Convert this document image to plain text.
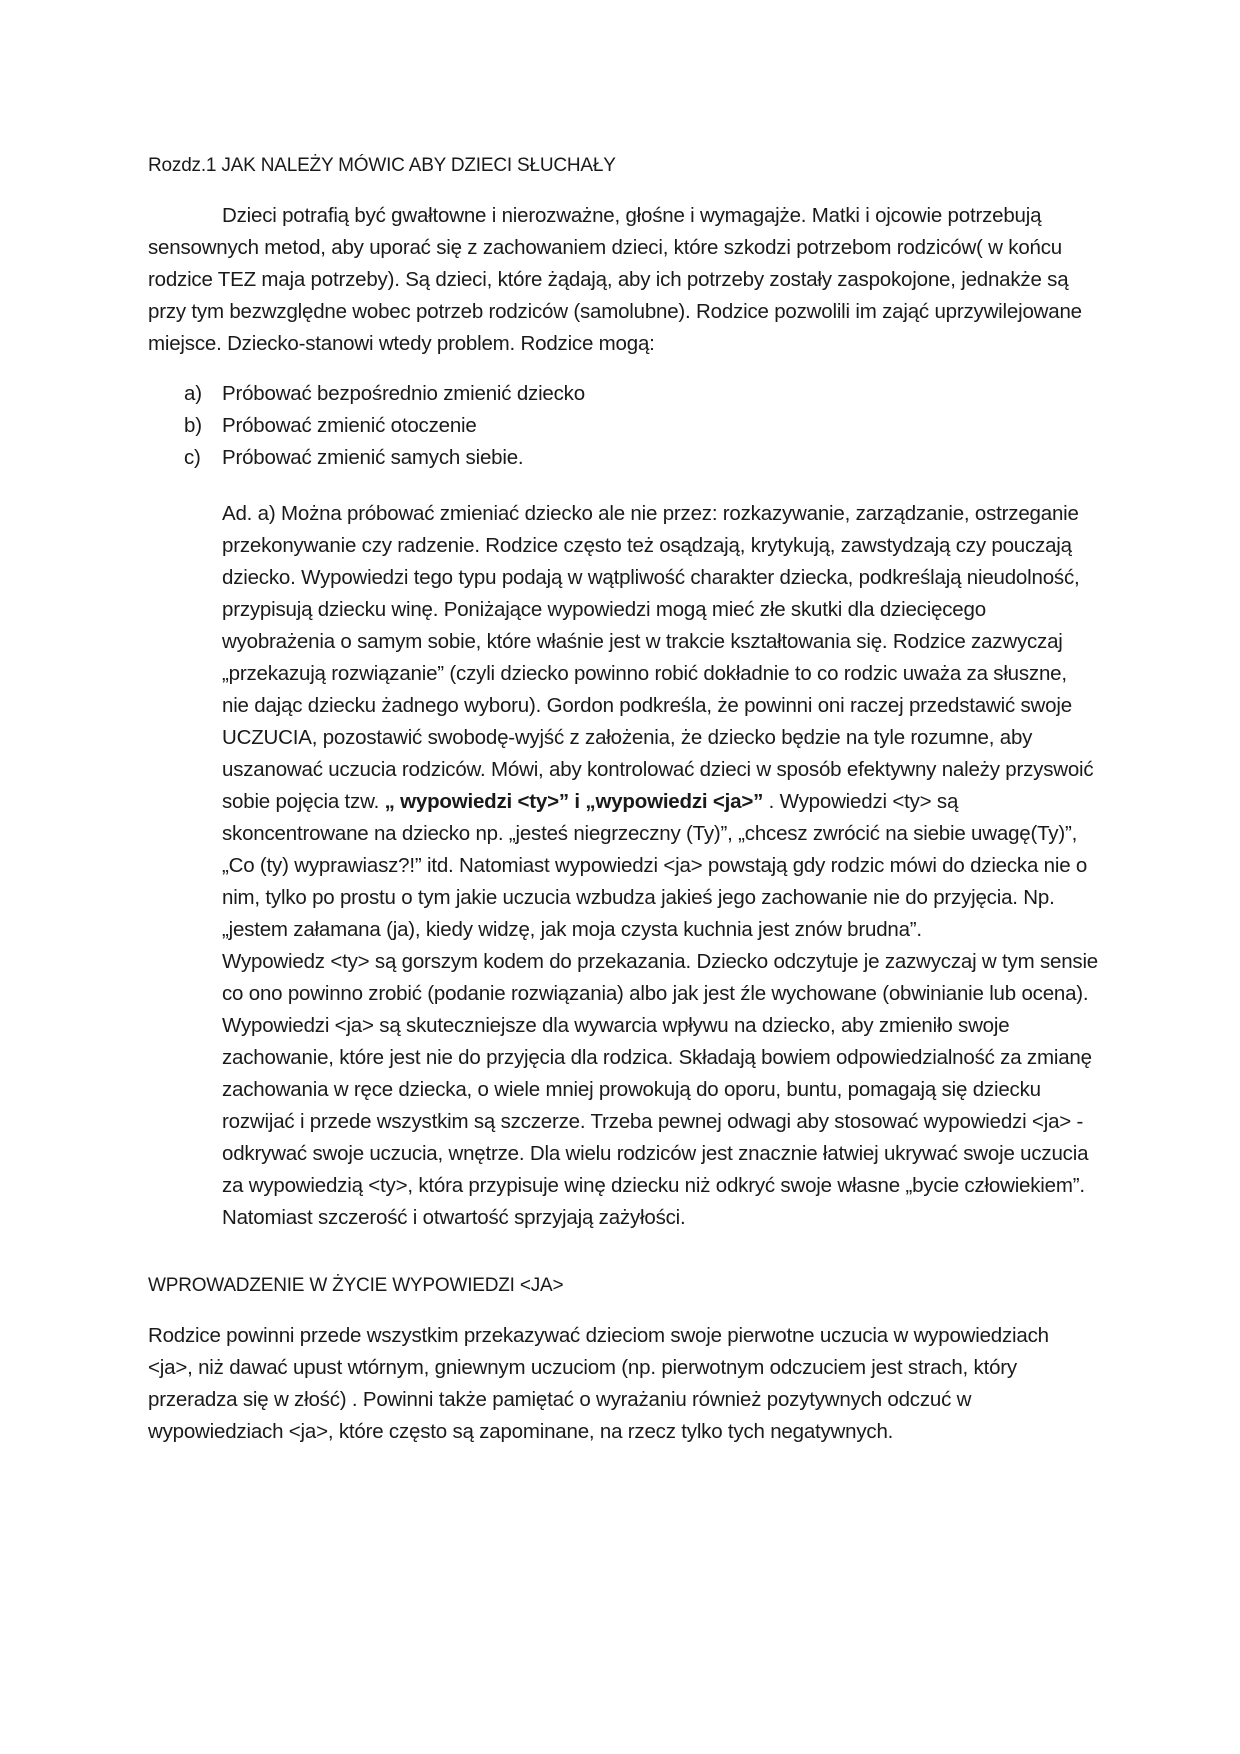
Rozdz.1 JAK NALEŻY MÓWIC ABY DZIECI SŁUCHAŁY

Dzieci potrafią być gwałtowne i nierozważne, głośne i wymagajże. Matki i ojcowie potrzebują sensownych metod, aby uporać się z zachowaniem dzieci, które szkodzi potrzebom rodziców( w końcu rodzice TEZ maja potrzeby). Są dzieci, które żądają, aby ich potrzeby zostały zaspokojone, jednakże są przy tym bezwzględne wobec potrzeb rodziców (samolubne). Rodzice pozwolili im zająć uprzywilejowane miejsce. Dziecko-stanowi wtedy problem. Rodzice mogą:

a) Próbować bezpośrednio zmienić dziecko
b) Próbować zmienić otoczenie
c) Próbować zmienić samych siebie.

Ad. a) Można próbować zmieniać dziecko ale nie przez: rozkazywanie, zarządzanie, ostrzeganie przekonywanie czy radzenie. Rodzice często też osądzają, krytykują, zawstydzają czy pouczają dziecko. Wypowiedzi tego typu podają w wątpliwość charakter dziecka, podkreślają nieudolność, przypisują dziecku winę. Poniżające wypowiedzi mogą mieć złe skutki dla dziecięcego wyobrażenia o samym sobie, które właśnie jest w trakcie kształtowania się. Rodzice zazwyczaj „przekazują rozwiązanie” (czyli dziecko powinno robić dokładnie to co rodzic uważa za słuszne, nie dając dziecku żadnego wyboru). Gordon podkreśla, że powinni oni raczej przedstawić swoje UCZUCIA, pozostawić swobodę-wyjść z założenia, że dziecko będzie na tyle rozumne, aby uszanować uczucia rodziców. Mówi, aby kontrolować dzieci w sposób efektywny należy przyswoić sobie pojęcia tzw. „ wypowiedzi <ty>” i „wypowiedzi <ja>” . Wypowiedzi <ty> są skoncentrowane na dziecko np. „jesteś niegrzeczny (Ty)”, „chcesz zwrócić na siebie uwagę(Ty)”, „Co (ty) wyprawiasz?!” itd. Natomiast wypowiedzi <ja> powstają gdy rodzic mówi do dziecka nie o nim, tylko po prostu o tym jakie uczucia wzbudza jakieś jego zachowanie nie do przyjęcia. Np. „jestem załamana (ja), kiedy widzę, jak moja czysta kuchnia jest znów brudna”.

Wypowiedz <ty> są gorszym kodem do przekazania. Dziecko odczytuje je zazwyczaj w tym sensie co ono powinno zrobić (podanie rozwiązania) albo jak jest źle wychowane (obwinianie lub ocena). Wypowiedzi <ja> są skuteczniejsze dla wywarcia wpływu na dziecko, aby zmieniło swoje zachowanie, które jest nie do przyjęcia dla rodzica. Składają bowiem odpowiedzialność za zmianę zachowania w ręce dziecka, o wiele mniej prowokują do oporu, buntu, pomagają się dziecku rozwijać i przede wszystkim są szczerze. Trzeba pewnej odwagi aby stosować wypowiedzi <ja> -odkrywać swoje uczucia, wnętrze. Dla wielu rodziców jest znacznie łatwiej ukrywać swoje uczucia za wypowiedzią <ty>, która przypisuje winę dziecku niż odkryć swoje własne „bycie człowiekiem”. Natomiast szczerość i otwartość sprzyjają zażyłości.

WPROWADZENIE W ŻYCIE WYPOWIEDZI <JA>

Rodzice powinni przede wszystkim przekazywać dzieciom swoje pierwotne uczucia w wypowiedziach <ja>, niż dawać upust wtórnym, gniewnym uczuciom (np. pierwotnym odczuciem jest strach, który przeradza się w złość) . Powinni także pamiętać o wyrażaniu również pozytywnych odczuć w wypowiedziach <ja>, które często są zapominane, na rzecz tylko tych negatywnych.
